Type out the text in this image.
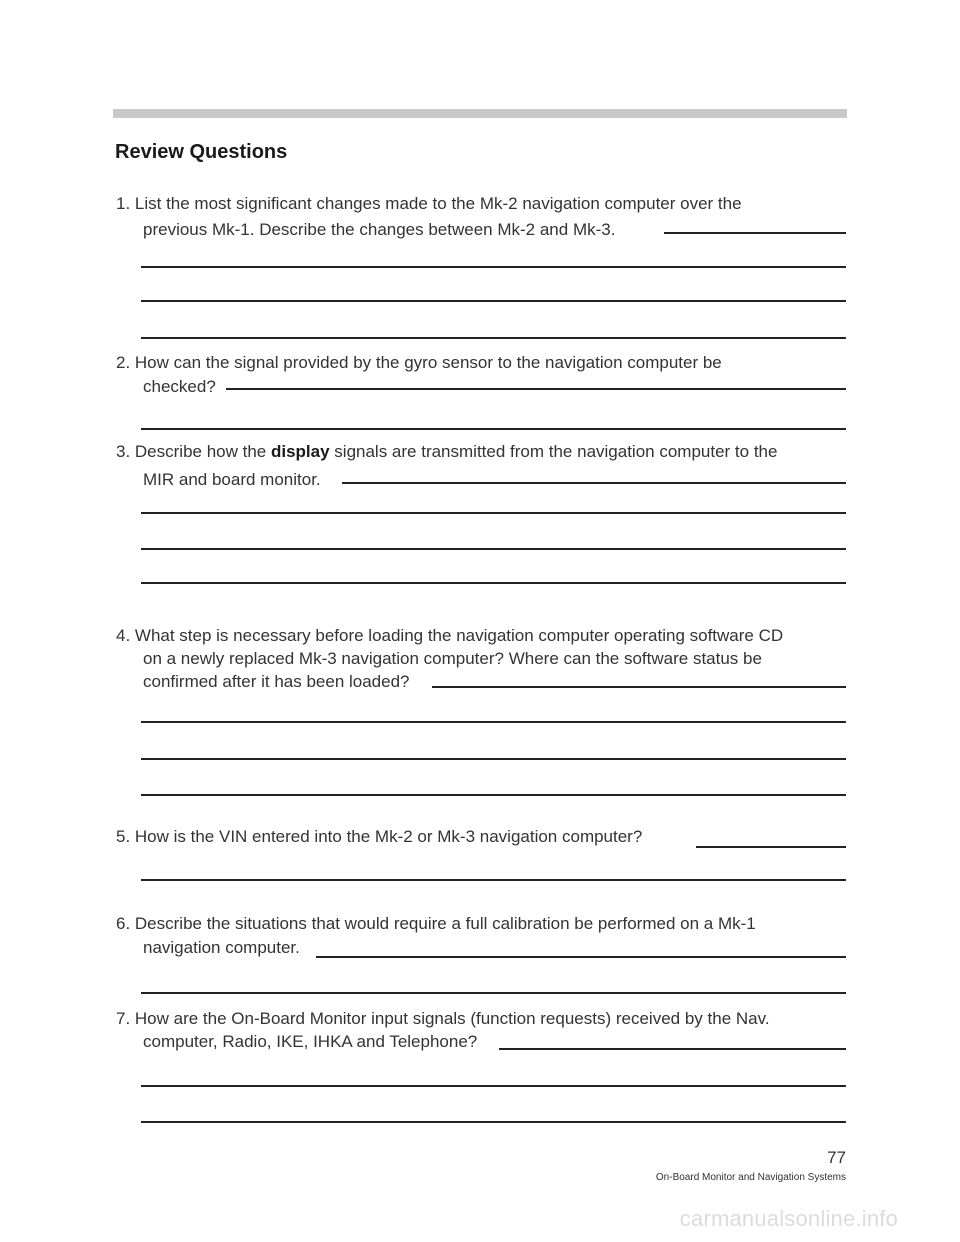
Review Questions
1. List the most significant changes made to the Mk-2 navigation computer over the
previous Mk-1. Describe the changes between Mk-2 and Mk-3.
2. How can the signal provided by the gyro sensor to the navigation computer be
checked?
3. Describe how the display signals are transmitted from the navigation computer to the
MIR and board monitor.
4. What step is necessary before loading the navigation computer operating software CD
on a newly replaced Mk-3 navigation computer? Where can the software status be
confirmed after it has been loaded?
5. How is the VIN entered into the Mk-2 or Mk-3 navigation computer?
6. Describe the situations that would require a full calibration be performed on a Mk-1
navigation computer.
7. How are the On-Board Monitor input signals (function requests) received by the Nav.
computer, Radio, IKE, IHKA and Telephone?
77
On-Board Monitor and Navigation Systems
carmanualsonline.info
